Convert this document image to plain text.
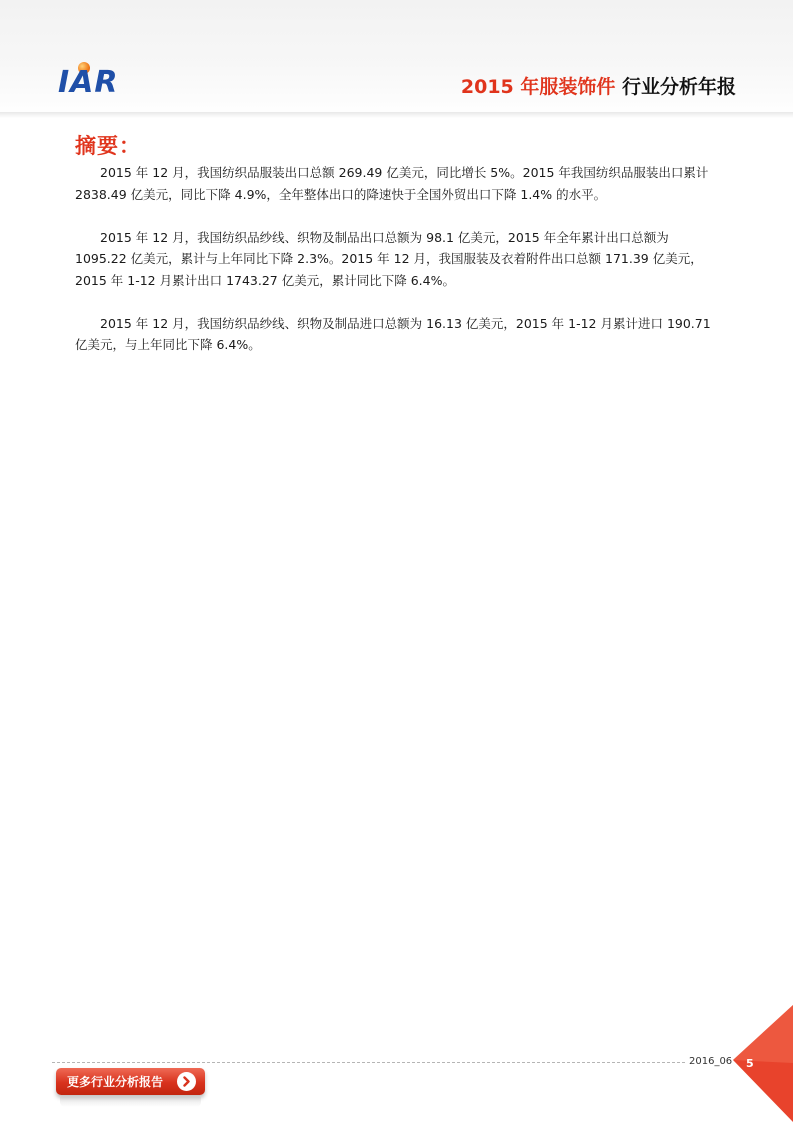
IAR	2015 年服装饰件 行业分析年报
摘要：

2015 年 12 月，我国纺织品服装出口总额 269.49 亿美元，同比增长 5%。2015 年我国纺织品服装出口累计 2838.49 亿美元，同比下降 4.9%，全年整体出口的降速快于全国外贸出口下降 1.4% 的水平。

2015 年 12 月，我国纺织品纱线、织物及制品出口总额为 98.1 亿美元，2015 年全年累计出口总额为 1095.22 亿美元，累计与上年同比下降 2.3%。2015 年 12 月，我国服装及衣着附件出口总额 171.39 亿美元，2015 年 1-12 月累计出口 1743.27 亿美元，累计同比下降 6.4%。

2015 年 12 月，我国纺织品纱线、织物及制品进口总额为 16.13 亿美元，2015 年 1-12 月累计进口 190.71 亿美元，与上年同比下降 6.4%。

2016_06 5
更多行业分析报告
